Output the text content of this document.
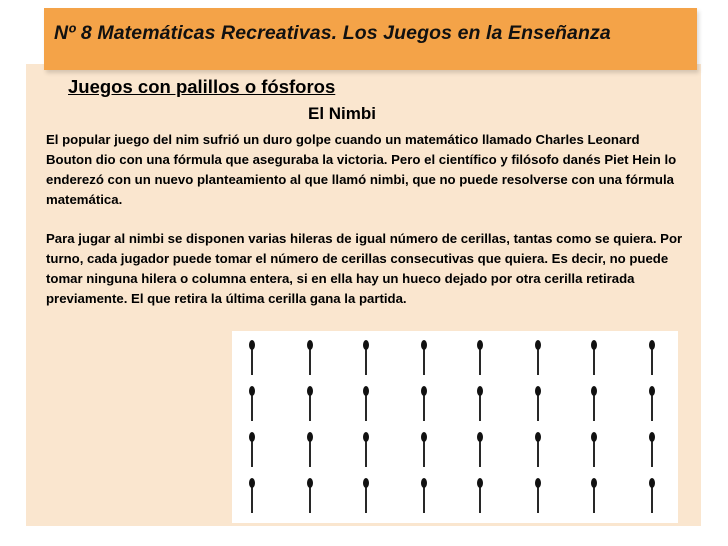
Nº 8 Matemáticas Recreativas. Los Juegos en la Enseñanza
Juegos con palillos o fósforos
El Nimbi

El popular juego del nim sufrió un duro golpe cuando un matemático llamado Charles Leonard Bouton dio con una fórmula que aseguraba la victoria. Pero el científico y filósofo danés Piet Hein lo enderezó con un nuevo planteamiento al que llamó nimbi, que no puede resolverse con una fórmula matemática.

Para jugar al nimbi se disponen varias hileras de igual número de cerillas, tantas como se quiera. Por turno, cada jugador puede tomar el número de cerillas consecutivas que quiera. Es decir, no puede tomar ninguna hilera o columna entera, si en ella hay un hueco dejado por otra cerilla retirada previamente. El que retira la última cerilla gana la partida.
